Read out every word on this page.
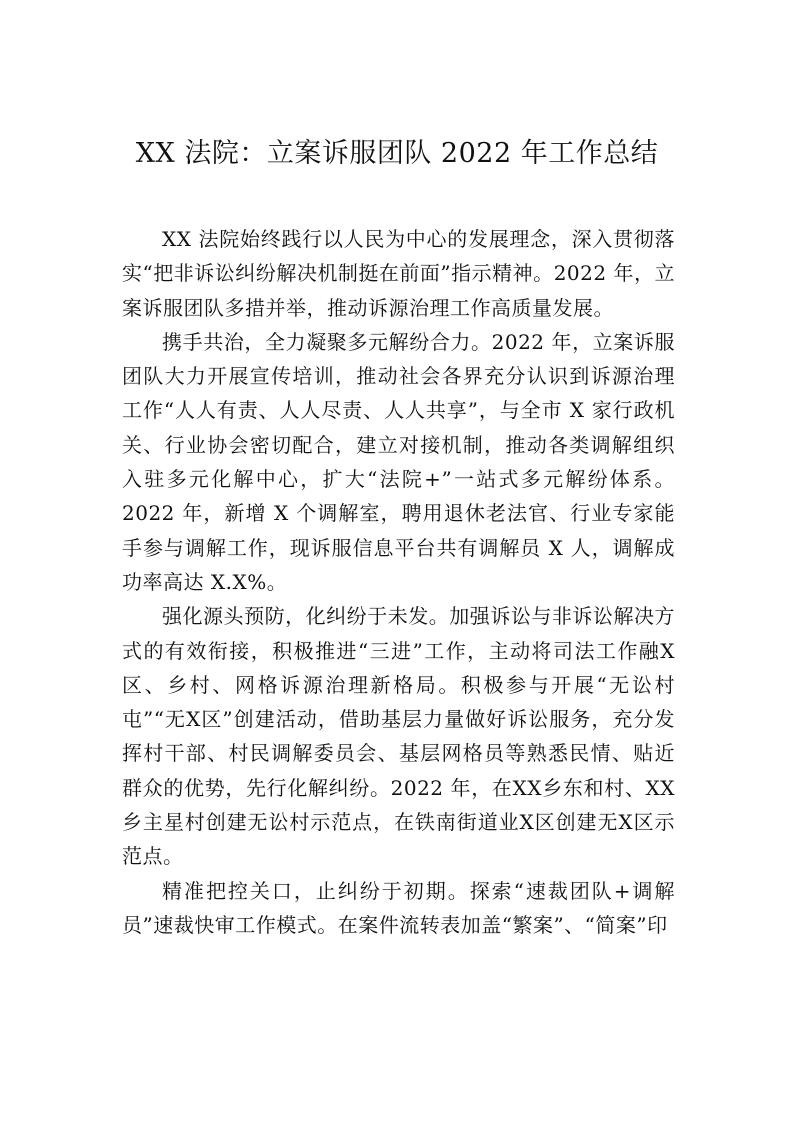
XX 法院：立案诉服团队 2022 年工作总结

XX 法院始终践行以人民为中心的发展理念，深入贯彻落实“把非诉讼纠纷解决机制挺在前面”指示精神。2022 年，立案诉服团队多措并举，推动诉源治理工作高质量发展。

携手共治，全力凝聚多元解纷合力。2022 年，立案诉服团队大力开展宣传培训，推动社会各界充分认识到诉源治理工作“人人有责、人人尽责、人人共享”，与全市 X 家行政机关、行业协会密切配合，建立对接机制，推动各类调解组织入驻多元化解中心，扩大“法院+”一站式多元解纷体系。2022 年，新增 X 个调解室，聘用退休老法官、行业专家能手参与调解工作，现诉服信息平台共有调解员 X 人，调解成功率高达 X.X%。

强化源头预防，化纠纷于未发。加强诉讼与非诉讼解决方式的有效衔接，积极推进“三进”工作，主动将司法工作融X区、乡村、网格诉源治理新格局。积极参与开展“无讼村屯”“无X区”创建活动，借助基层力量做好诉讼服务，充分发挥村干部、村民调解委员会、基层网格员等熟悉民情、贴近群众的优势，先行化解纠纷。2022 年，在XX乡东和村、XX乡主星村创建无讼村示范点，在铁南街道业X区创建无X区示范点。

精准把控关口，止纠纷于初期。探索“速裁团队+调解员”速裁快审工作模式。在案件流转表加盖“繁案”、“简案”印
